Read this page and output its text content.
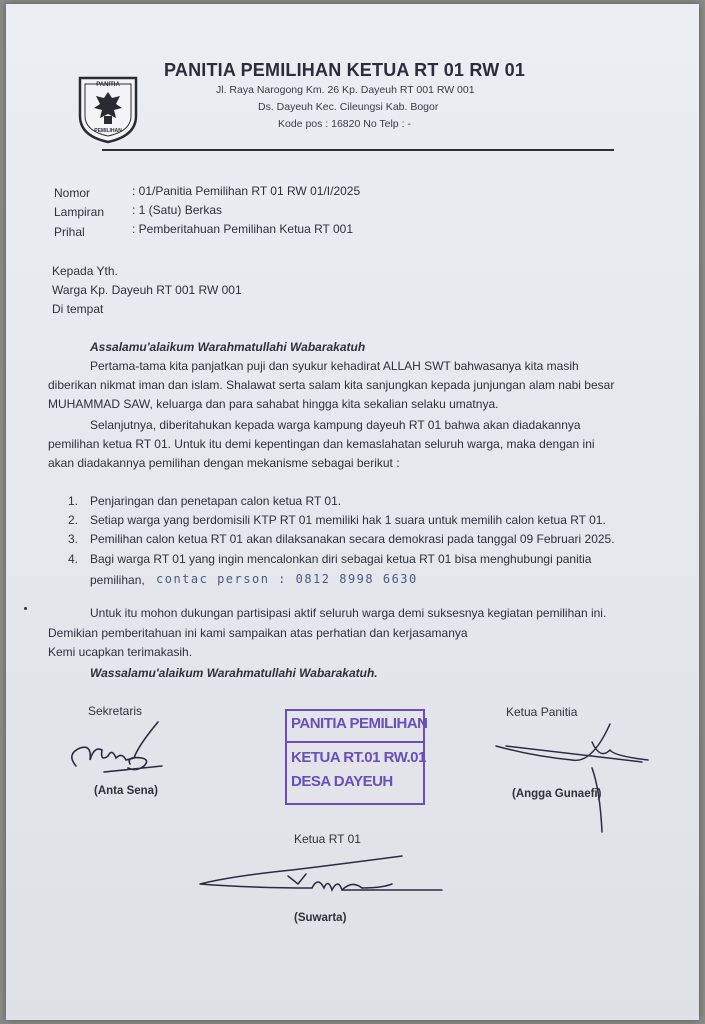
PANITIA
PEMILIHAN
PANITIA PEMILIHAN KETUA RT 01 RW 01
Jl. Raya Narogong Km. 26 Kp. Dayeuh RT 001 RW 001
Ds. Dayeuh Kec. Cileungsi Kab. Bogor
Kode pos : 16820 No Telp : -
Nomor	: 01/Panitia Pemilihan RT 01 RW 01/I/2025
Lampiran : 1 (Satu) Berkas
Prihal	: Pemberitahuan Pemilihan Ketua RT 001
Kepada Yth.
Warga Kp. Dayeuh RT 001 RW 001
Di tempat
Assalamu'alaikum Warahmatullahi Wabarakatuh
Pertama-tama kita panjatkan puji dan syukur kehadirat ALLAH SWT bahwasanya kita masih
diberikan nikmat iman dan islam. Shalawat serta salam kita sanjungkan kepada junjungan alam nabi besar
MUHAMMAD SAW, keluarga dan para sahabat hingga kita sekalian selaku umatnya.
Selanjutnya, diberitahukan kepada warga kampung dayeuh RT 01 bahwa akan diadakannya
pemilihan ketua RT 01. Untuk itu demi kepentingan dan kemaslahatan seluruh warga, maka dengan ini
akan diadakannya pemilihan dengan mekanisme sebagai berikut :
1. Penjaringan dan penetapan calon ketua RT 01.
2. Setiap warga yang berdomisili KTP RT 01 memiliki hak 1 suara untuk memilih calon ketua RT 01.
3. Pemilihan calon ketua RT 01 akan dilaksanakan secara demokrasi pada tanggal 09 Februari 2025.
4. Bagi warga RT 01 yang ingin mencalonkan diri sebagai ketua RT 01 bisa menghubungi panitia
pemilihan, contac person : 0812 8998 6630
Untuk itu mohon dukungan partisipasi aktif seluruh warga demi suksesnya kegiatan pemilihan ini.
Demikian pemberitahuan ini kami sampaikan atas perhatian dan kerjasamanya
Kemi ucapkan terimakasih.
Wassalamu'alaikum Warahmatullahi Wabarakatuh.
Sekretaris
(Anta Sena)
PANITIA PEMILIHAN
KETUA RT.01 RW.01
DESA DAYEUH
Ketua Panitia
(Angga Gunaefi)
Ketua RT 01
(Suwarta)
